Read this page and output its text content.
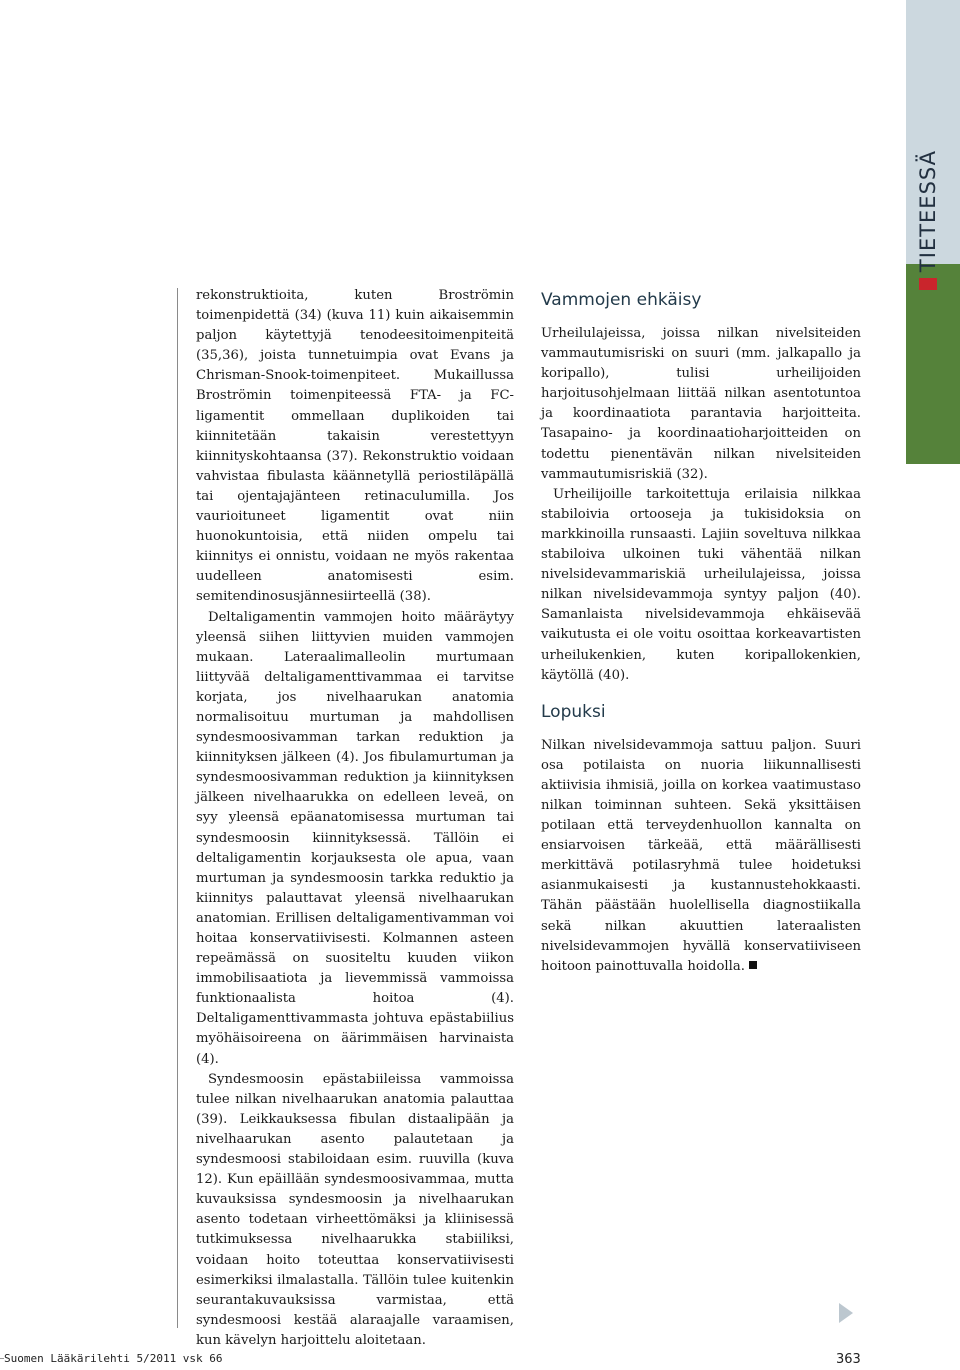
TIETEESSÄ

rekonstruktioita, kuten Broströmin toimenpidettä (34) (kuva 11) kuin aikaisemmin paljon käytettyjä tenodeesitoimenpiteitä (35,36), joista tunnetuimpia ovat Evans ja Chrisman-Snook-toimenpiteet. Mukaillussa Broströmin toimenpiteessä FTA- ja FC-ligamentit ommellaan duplikoiden tai kiinnitetään takaisin verestettyyn kiinnityskohtaansa (37). Rekonstruktio voidaan vahvistaa fibulasta käännetyllä periostiläpällä tai ojentajajänteen retinaculumilla. Jos vaurioituneet ligamentit ovat niin huonokuntoisia, että niiden ompelu tai kiinnitys ei onnistu, voidaan ne myös rakentaa uudelleen anatomisesti esim. semitendinosusjännesiirteellä (38).

Deltaligamentin vammojen hoito määräytyy yleensä siihen liittyvien muiden vammojen mukaan. Lateraalimalleolin murtumaan liittyvää deltaligamenttivammaa ei tarvitse korjata, jos nivelhaarukan anatomia normalisoituu murtuman ja mahdollisen syndesmoosivamman tarkan reduktion ja kiinnityksen jälkeen (4). Jos fibulamurtuman ja syndesmoosivamman reduktion ja kiinnityksen jälkeen nivelhaarukka on edelleen leveä, on syy yleensä epäanatomisessa murtuman tai syndesmoosin kiinnityksessä. Tällöin ei deltaligamentin korjauksesta ole apua, vaan murtuman ja syndesmoosin tarkka reduktio ja kiinnitys palauttavat yleensä nivelhaarukan anatomian. Erillisen deltaligamentivamman voi hoitaa konservatiivisesti. Kolmannen asteen repeämässä on suositeltu kuuden viikon immobilisaatiota ja lievemmissä vammoissa funktionaalista hoitoa (4). Deltaligamenttivammasta johtuva epästabiilius myöhäisoireena on äärimmäisen harvinaista (4).

Syndesmoosin epästabiileissa vammoissa tulee nilkan nivelhaarukan anatomia palauttaa (39). Leikkauksessa fibulan distaalipään ja nivelhaarukan asento palautetaan ja syndesmoosi stabiloidaan esim. ruuvilla (kuva 12). Kun epäillään syndesmoosivammaa, mutta kuvauksissa syndesmoosin ja nivelhaarukan asento todetaan virheettömäksi ja kliinisessä tutkimuksessa nivelhaarukka stabiiliksi, voidaan hoito toteuttaa konservatiivisesti esimerkiksi ilmalastalla. Tällöin tulee kuitenkin seurantakuvauksissa varmistaa, että syndesmoosi kestää alaraajalle varaamisen, kun kävelyn harjoittelu aloitetaan.

Vammojen ehkäisy

Urheilulajeissa, joissa nilkan nivelsiteiden vammautumisriski on suuri (mm. jalkapallo ja koripallo), tulisi urheilijoiden harjoitusohjelmaan liittää nilkan asentotuntoa ja koordinaatiota parantavia harjoitteita. Tasapaino- ja koordinaatioharjoitteiden on todettu pienentävän nilkan nivelsiteiden vammautumisriskiä (32).

Urheilijoille tarkoitettuja erilaisia nilkkaa stabiloivia ortooseja ja tukisidoksia on markkinoilla runsaasti. Lajiin soveltuva nilkkaa stabiloiva ulkoinen tuki vähentää nilkan nivelsidevammariskiä urheilulajeissa, joissa nilkan nivelsidevammoja syntyy paljon (40). Samanlaista nivelsidevammoja ehkäisevää vaikutusta ei ole voitu osoittaa korkeavartisten urheilukenkien, kuten koripallokenkien, käytöllä (40).

Lopuksi

Nilkan nivelsidevammoja sattuu paljon. Suuri osa potilaista on nuoria liikunnallisesti aktiivisia ihmisiä, joilla on korkea vaatimustaso nilkan toiminnan suhteen. Sekä yksittäisen potilaan että terveydenhuollon kannalta on ensiarvoisen tärkeää, että määrällisesti merkittävä potilasryhmä tulee hoidetuksi asianmukaisesti ja kustannustehokkaasti. Tähän päästään huolellisella diagnostiikalla sekä nilkan akuuttien lateraalisten nivelsidevammojen hyvällä konservatiiviseen hoitoon painottuvalla hoidolla.

Suomen Lääkärilehti 5/2011 vsk 66	363
